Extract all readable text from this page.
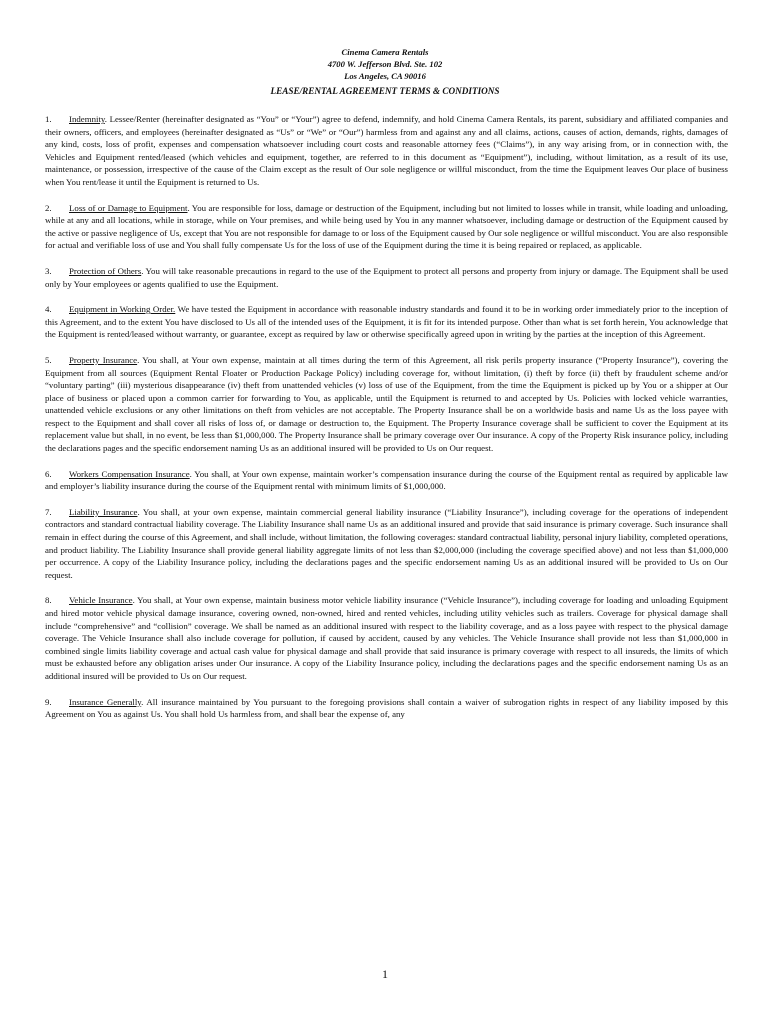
Cinema Camera Rentals
4700 W. Jefferson Blvd. Ste. 102
Los Angeles, CA 90016
LEASE/RENTAL AGREEMENT TERMS & CONDITIONS

1. Indemnity. Lessee/Renter (hereinafter designated as “You” or “Your”) agree to defend, indemnify, and hold Cinema Camera Rentals, its parent, subsidiary and affiliated companies and their owners, officers, and employees (hereinafter designated as “Us” or “We” or “Our”) harmless from and against any and all claims, actions, causes of action, demands, rights, damages of any kind, costs, loss of profit, expenses and compensation whatsoever including court costs and reasonable attorney fees (“Claims”), in any way arising from, or in connection with, the Vehicles and Equipment rented/leased (which vehicles and equipment, together, are referred to in this document as “Equipment”), including, without limitation, as a result of its use, maintenance, or possession, irrespective of the cause of the Claim except as the result of Our sole negligence or willful misconduct, from the time the Equipment leaves Our place of business when You rent/lease it until the Equipment is returned to Us.

2. Loss of or Damage to Equipment. You are responsible for loss, damage or destruction of the Equipment, including but not limited to losses while in transit, while loading and unloading, while at any and all locations, while in storage, while on Your premises, and while being used by You in any manner whatsoever, including damage or destruction of the Equipment caused by the active or passive negligence of Us, except that You are not responsible for damage to or loss of the Equipment caused by Our sole negligence or willful misconduct. You are also responsible for actual and verifiable loss of use and You shall fully compensate Us for the loss of use of the Equipment during the time it is being repaired or replaced, as applicable.

3. Protection of Others. You will take reasonable precautions in regard to the use of the Equipment to protect all persons and property from injury or damage. The Equipment shall be used only by Your employees or agents qualified to use the Equipment.

4. Equipment in Working Order. We have tested the Equipment in accordance with reasonable industry standards and found it to be in working order immediately prior to the inception of this Agreement, and to the extent You have disclosed to Us all of the intended uses of the Equipment, it is fit for its intended purpose. Other than what is set forth herein, You acknowledge that the Equipment is rented/leased without warranty, or guarantee, except as required by law or otherwise specifically agreed upon in writing by the parties at the inception of this Agreement.

5. Property Insurance. You shall, at Your own expense, maintain at all times during the term of this Agreement, all risk perils property insurance (“Property Insurance”), covering the Equipment from all sources (Equipment Rental Floater or Production Package Policy) including coverage for, without limitation, (i) theft by force (ii) theft by fraudulent scheme and/or “voluntary parting” (iii) mysterious disappearance (iv) theft from unattended vehicles (v) loss of use of the Equipment, from the time the Equipment is picked up by You or a shipper at Our place of business or placed upon a common carrier for forwarding to You, as applicable, until the Equipment is returned to and accepted by Us. Policies with locked vehicle warranties, unattended vehicle exclusions or any other limitations on theft from vehicles are not acceptable. The Property Insurance shall be on a worldwide basis and name Us as the loss payee with respect to the Equipment and shall cover all risks of loss of, or damage or destruction to, the Equipment. The Property Insurance coverage shall be sufficient to cover the Equipment at its replacement value but shall, in no event, be less than $1,000,000. The Property Insurance shall be primary coverage over Our insurance. A copy of the Property Risk insurance policy, including the declarations pages and the specific endorsement naming Us as an additional insured will be provided to Us on Our request.

6. Workers Compensation Insurance. You shall, at Your own expense, maintain worker’s compensation insurance during the course of the Equipment rental as required by applicable law and employer’s liability insurance during the course of the Equipment rental with minimum limits of $1,000,000.

7. Liability Insurance. You shall, at your own expense, maintain commercial general liability insurance (“Liability Insurance”), including coverage for the operations of independent contractors and standard contractual liability coverage. The Liability Insurance shall name Us as an additional insured and provide that said insurance is primary coverage. Such insurance shall remain in effect during the course of this Agreement, and shall include, without limitation, the following coverages: standard contractual liability, personal injury liability, completed operations, and product liability. The Liability Insurance shall provide general liability aggregate limits of not less than $2,000,000 (including the coverage specified above) and not less than $1,000,000 per occurrence. A copy of the Liability Insurance policy, including the declarations pages and the specific endorsement naming Us as an additional insured will be provided to Us on Our request.

8. Vehicle Insurance. You shall, at Your own expense, maintain business motor vehicle liability insurance (“Vehicle Insurance”), including coverage for loading and unloading Equipment and hired motor vehicle physical damage insurance, covering owned, non-owned, hired and rented vehicles, including utility vehicles such as trailers. Coverage for physical damage shall include “comprehensive” and “collision” coverage. We shall be named as an additional insured with respect to the liability coverage, and as a loss payee with respect to the physical damage coverage. The Vehicle Insurance shall also include coverage for pollution, if caused by accident, caused by any vehicles. The Vehicle Insurance shall provide not less than $1,000,000 in combined single limits liability coverage and actual cash value for physical damage and shall provide that said insurance is primary coverage with respect to all insureds, the limits of which must be exhausted before any obligation arises under Our insurance. A copy of the Liability Insurance policy, including the declarations pages and the specific endorsement naming Us as an additional insured will be provided to Us on Our request.

9. Insurance Generally. All insurance maintained by You pursuant to the foregoing provisions shall contain a waiver of subrogation rights in respect of any liability imposed by this Agreement on You as against Us. You shall hold Us harmless from, and shall bear the expense of, any

1
